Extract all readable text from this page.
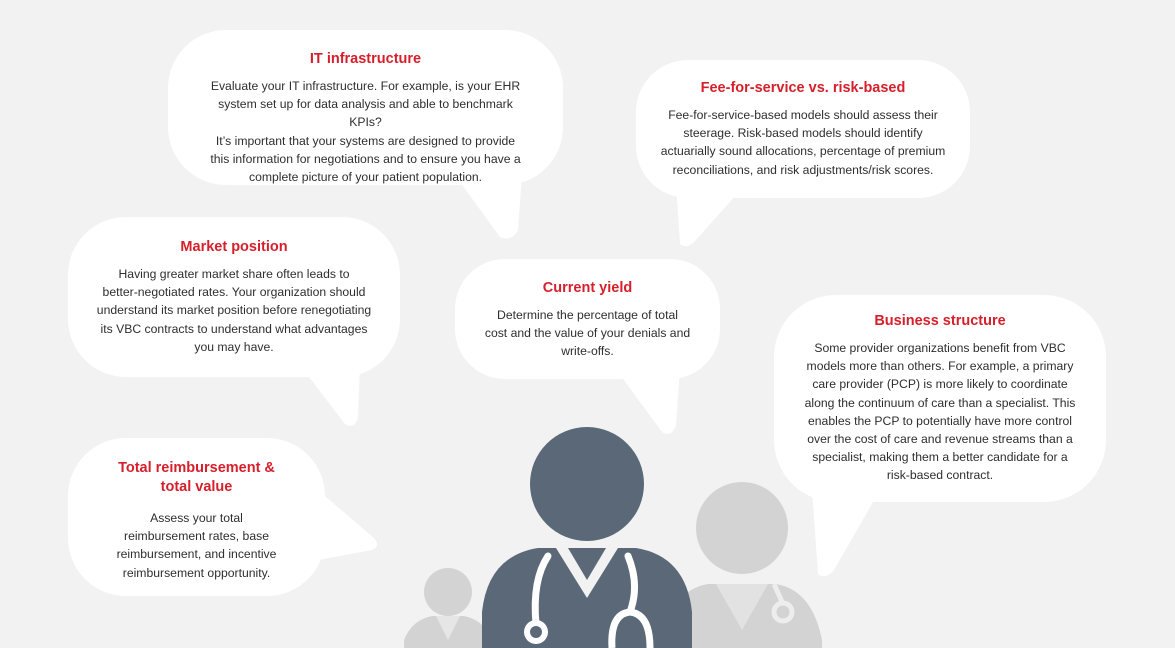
IT infrastructure

Evaluate your IT infrastructure. For example, is your EHR
system set up for data analysis and able to benchmark KPIs?
It’s important that your systems are designed to provide
this information for negotiations and to ensure you have a
complete picture of your patient population.

Fee-for-service vs. risk-based

Fee-for-service-based models should assess their
steerage. Risk-based models should identify
actuarially sound allocations, percentage of premium
reconciliations, and risk adjustments/risk scores.

Market position

Having greater market share often leads to
better-negotiated rates. Your organization should
understand its market position before renegotiating
its VBC contracts to understand what advantages
you may have.

Current yield

Determine the percentage of total
cost and the value of your denials and
write-offs.

Business structure

Some provider organizations benefit from VBC
models more than others. For example, a primary
care provider (PCP) is more likely to coordinate
along the continuum of care than a specialist. This
enables the PCP to potentially have more control
over the cost of care and revenue streams than a
specialist, making them a better candidate for a
risk-based contract.

Total reimbursement &
total value

Assess your total
reimbursement rates, base
reimbursement, and incentive
reimbursement opportunity.
